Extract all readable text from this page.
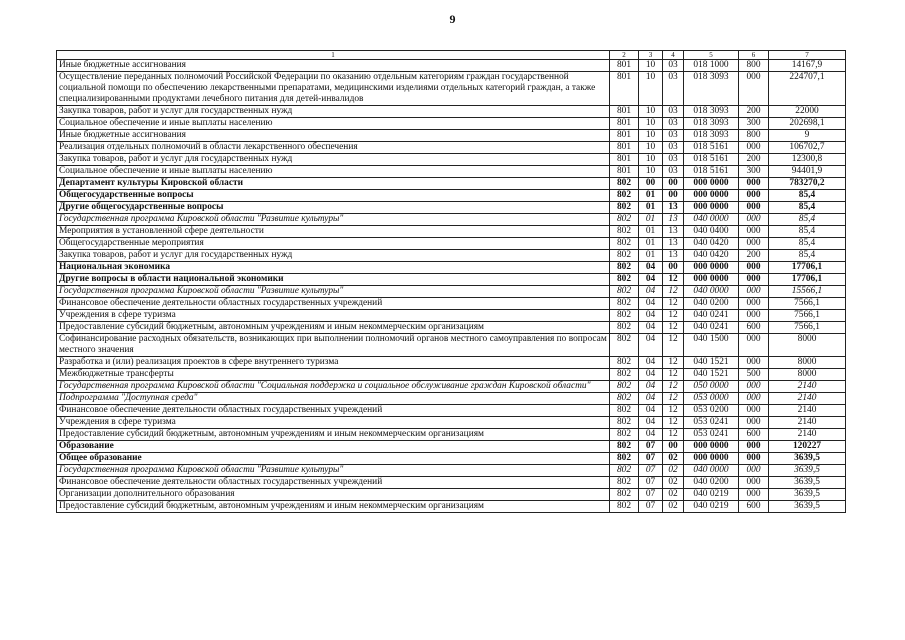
9
1	2	3	4	5	6	7
Иные бюджетные ассигнования	801	10	03	018 1000	800	14167,9
Осуществление переданных полномочий Российской Федерации по оказанию отдельным категориям граждан государственной социальной помощи по обеспечению лекарственными препаратами, медицинскими изделиями отдельных категорий граждан, а также специализированными продуктами лечебного питания для детей-инвалидов	801	10	03	018 3093	000	224707,1
Закупка товаров, работ и услуг для государственных нужд	801	10	03	018 3093	200	22000
Социальное обеспечение и иные выплаты населению	801	10	03	018 3093	300	202698,1
Иные бюджетные ассигнования	801	10	03	018 3093	800	9
Реализация отдельных полномочий в области лекарственного обеспечения	801	10	03	018 5161	000	106702,7
Закупка товаров, работ и услуг для государственных нужд	801	10	03	018 5161	200	12300,8
Социальное обеспечение и иные выплаты населению	801	10	03	018 5161	300	94401,9
Департамент культуры Кировской области	802	00	00	000 0000	000	783270,2
Общегосударственные вопросы	802	01	00	000 0000	000	85,4
Другие общегосударственные вопросы	802	01	13	000 0000	000	85,4
Государственная программа Кировской области "Развитие культуры"	802	01	13	040 0000	000	85,4
Мероприятия в установленной сфере деятельности	802	01	13	040 0400	000	85,4
Общегосударственные мероприятия	802	01	13	040 0420	000	85,4
Закупка товаров, работ и услуг для государственных нужд	802	01	13	040 0420	200	85,4
Национальная экономика	802	04	00	000 0000	000	17706,1
Другие вопросы в области национальной экономики	802	04	12	000 0000	000	17706,1
Государственная программа Кировской области "Развитие культуры"	802	04	12	040 0000	000	15566,1
Финансовое обеспечение деятельности областных государственных учреждений	802	04	12	040 0200	000	7566,1
Учреждения в сфере туризма	802	04	12	040 0241	000	7566,1
Предоставление субсидий бюджетным, автономным учреждениям и иным некоммерческим организациям	802	04	12	040 0241	600	7566,1
Софинансирование расходных обязательств, возникающих при выполнении полномочий органов местного самоуправления по вопросам местного значения	802	04	12	040 1500	000	8000
Разработка и (или) реализация проектов в сфере внутреннего туризма	802	04	12	040 1521	000	8000
Межбюджетные трансферты	802	04	12	040 1521	500	8000
Государственная программа Кировской области "Социальная поддержка и социальное обслуживание граждан Кировской области"	802	04	12	050 0000	000	2140
Подпрограмма "Доступная среда"	802	04	12	053 0000	000	2140
Финансовое обеспечение деятельности областных государственных учреждений	802	04	12	053 0200	000	2140
Учреждения в сфере туризма	802	04	12	053 0241	000	2140
Предоставление субсидий бюджетным, автономным учреждениям и иным некоммерческим организациям	802	04	12	053 0241	600	2140
Образование	802	07	00	000 0000	000	120227
Общее образование	802	07	02	000 0000	000	3639,5
Государственная программа Кировской области "Развитие культуры"	802	07	02	040 0000	000	3639,5
Финансовое обеспечение деятельности областных государственных учреждений	802	07	02	040 0200	000	3639,5
Организации дополнительного образования	802	07	02	040 0219	000	3639,5
Предоставление субсидий бюджетным, автономным учреждениям и иным некоммерческим организациям	802	07	02	040 0219	600	3639,5
